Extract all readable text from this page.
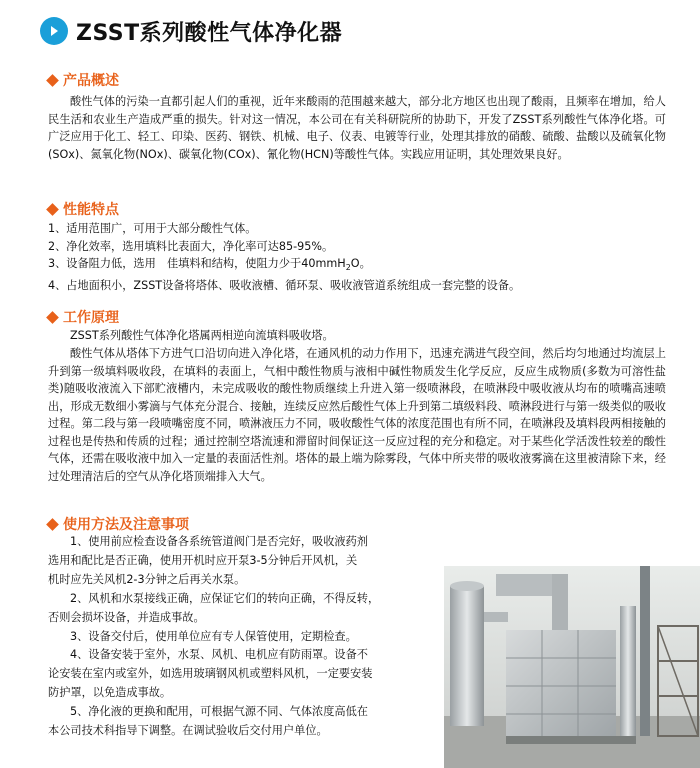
ZSST系列酸性气体净化器
产品概述
酸性气体的污染一直都引起人们的重视，近年来酸雨的范围越来越大，部分北方地区也出现了酸雨，且频率在增加，给人民生活和农业生产造成严重的损失。针对这一情况，本公司在有关科研院所的协助下，开发了ZSST系列酸性气体净化塔。可广泛应用于化工、轻工、印染、医药、钢铁、机械、电子、仪表、电镀等行业，处理其排放的硝酸、硫酸、盐酸以及硫氧化物(SOx)、氮氧化物(NOx)、碳氧化物(COx)、氰化物(HCN)等酸性气体。实践应用证明，其处理效果良好。
性能特点
1、适用范围广，可用于大部分酸性气体。
2、净化效率，选用填料比表面大，净化率可达85-95%。
3、设备阻力低，选用　佳填料和结构，使阻力少于40mmH$_2$O。
4、占地面积小，ZSST设备将塔体、吸收液槽、循环泵、吸收液管道系统组成一套完整的设备。
工作原理
ZSST系列酸性气体净化塔属两相逆向流填料吸收塔。
酸性气体从塔体下方进气口沿切向进入净化塔，在通风机的动力作用下，迅速充满进气段空间，然后均匀地通过均流层上升到第一级填料吸收段，在填料的表面上，气相中酸性物质与液相中碱性物质发生化学反应，反应生成物质(多数为可溶性盐类)随吸收液流入下部贮液槽内，未完成吸收的酸性物质继续上升进入第一级喷淋段，在喷淋段中吸收液从均布的喷嘴高速喷出，形成无数细小雾滴与气体充分混合、接触，连续反应然后酸性气体上升到第二填级料段、喷淋段进行与第一级类似的吸收过程。第二段与第一段喷嘴密度不同，喷淋液压力不同，吸收酸性气体的浓度范围也有所不同，在喷淋段及填料段两相接触的过程也是传热和传质的过程；通过控制空塔流速和滞留时间保证这一反应过程的充分和稳定。对于某些化学活泼性较差的酸性气体，还需在吸收液中加入一定量的表面活性剂。塔体的最上端为除雾段，气体中所夹带的吸收液雾滴在这里被清除下来，经过处理清洁后的空气从净化塔顶端排入大气。
使用方法及注意事项
1、使用前应检查设备各系统管道阀门是否完好，吸收液药剂
选用和配比是否正确，使用开机时应开泵3-5分钟后开风机，关
机时应先关风机2-3分钟之后再关水泵。
2、风机和水泵接线正确，应保证它们的转向正确，不得反转，
否则会损坏设备，并造成事故。
3、设备交付后，使用单位应有专人保管使用，定期检查。
4、设备安装于室外，水泵、风机、电机应有防雨罩。设备不
论安装在室内或室外，如选用玻璃钢风机或塑料风机，一定要安装
防护罩，以免造成事故。
5、净化液的更换和配用，可根据气源不同、气体浓度高低在
本公司技术科指导下调整。在调试验收后交付用户单位。
